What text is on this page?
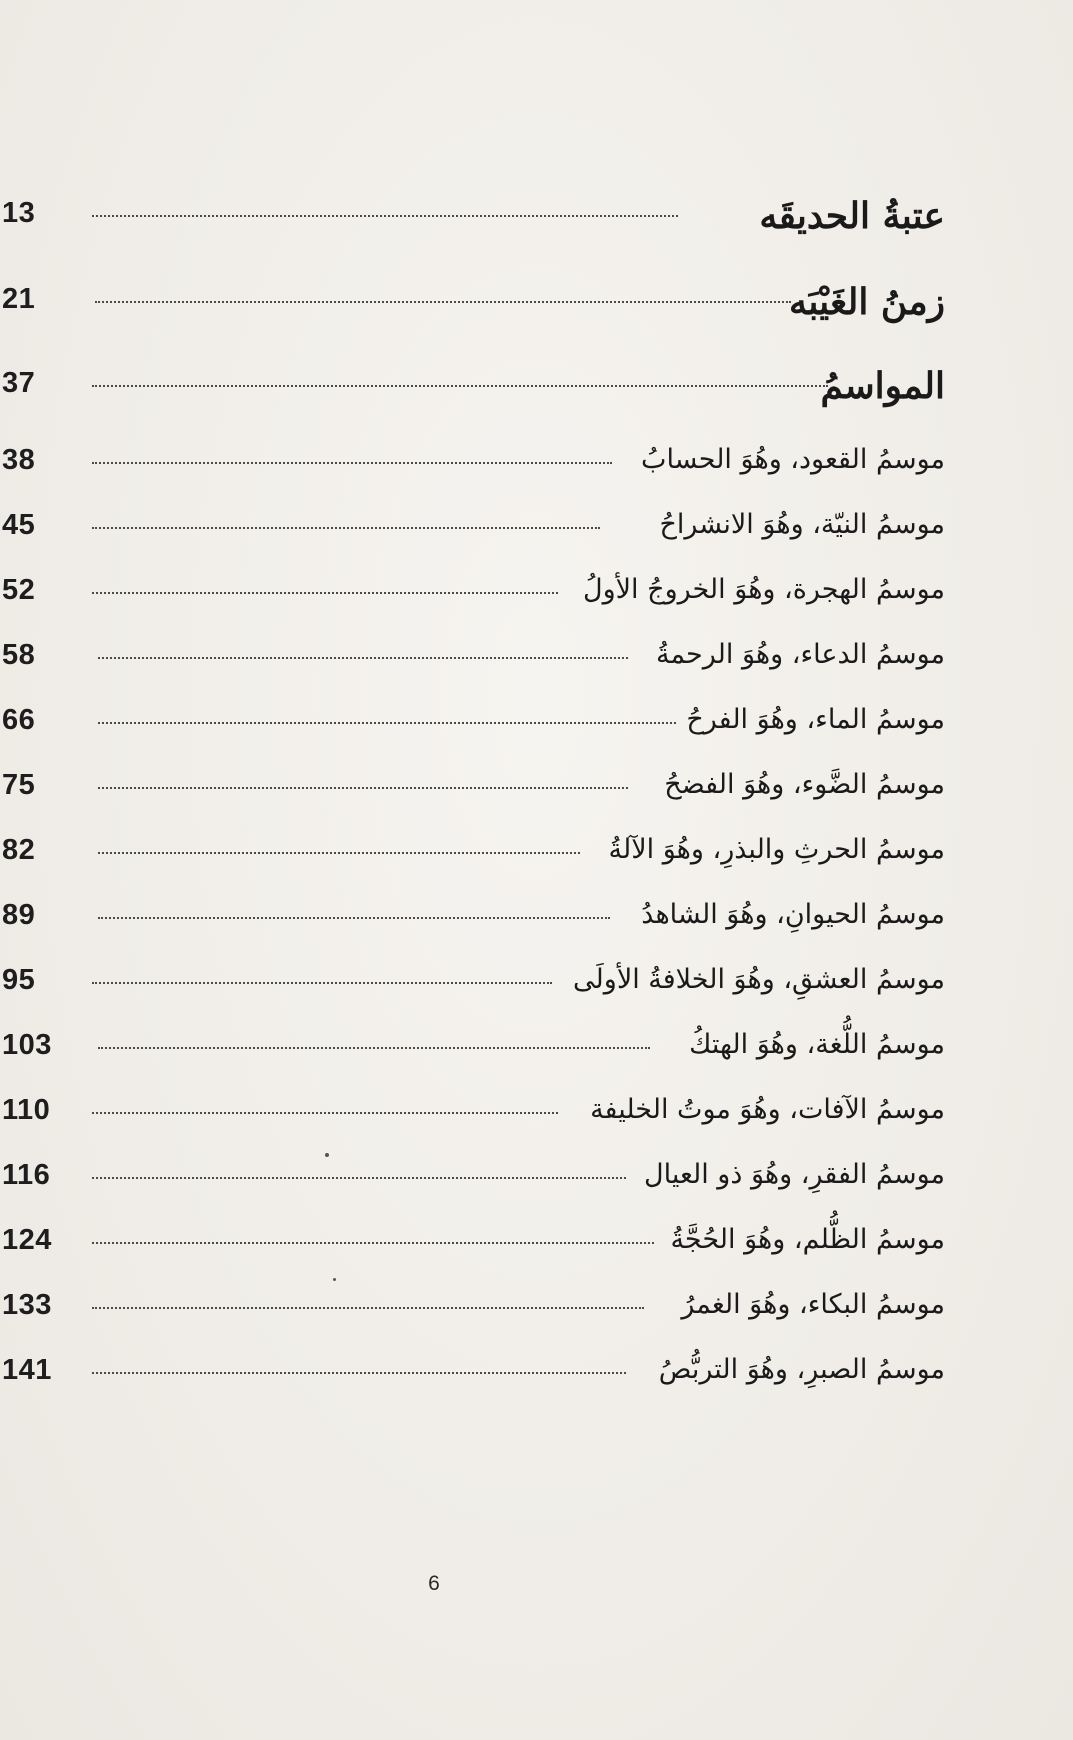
13	عتبةُ الحديقَه
21	زمنُ الغَيْبَه
37	المواسمُ
38	موسمُ القعود، وهُوَ الحسابُ
45	موسمُ النيّة، وهُوَ الانشراحُ
52	موسمُ الهجرة، وهُوَ الخروجُ الأولُ
58	موسمُ الدعاء، وهُوَ الرحمةُ
66	موسمُ الماء، وهُوَ الفرحُ
75	موسمُ الضَّوء، وهُوَ الفضحُ
82	موسمُ الحرثِ والبذرِ، وهُوَ الآلةُ
89	موسمُ الحيوانِ، وهُوَ الشاهدُ
95	موسمُ العشقِ، وهُوَ الخلافةُ الأولَى
103	موسمُ اللُّغة، وهُوَ الهتكُ
110	موسمُ الآفات، وهُوَ موتُ الخليفة
116	موسمُ الفقرِ، وهُوَ ذو العيال
124	موسمُ الظُّلم، وهُوَ الحُجَّةُ
133	موسمُ البكاء، وهُوَ الغمرُ
141	موسمُ الصبرِ، وهُوَ التربُّصُ
6
